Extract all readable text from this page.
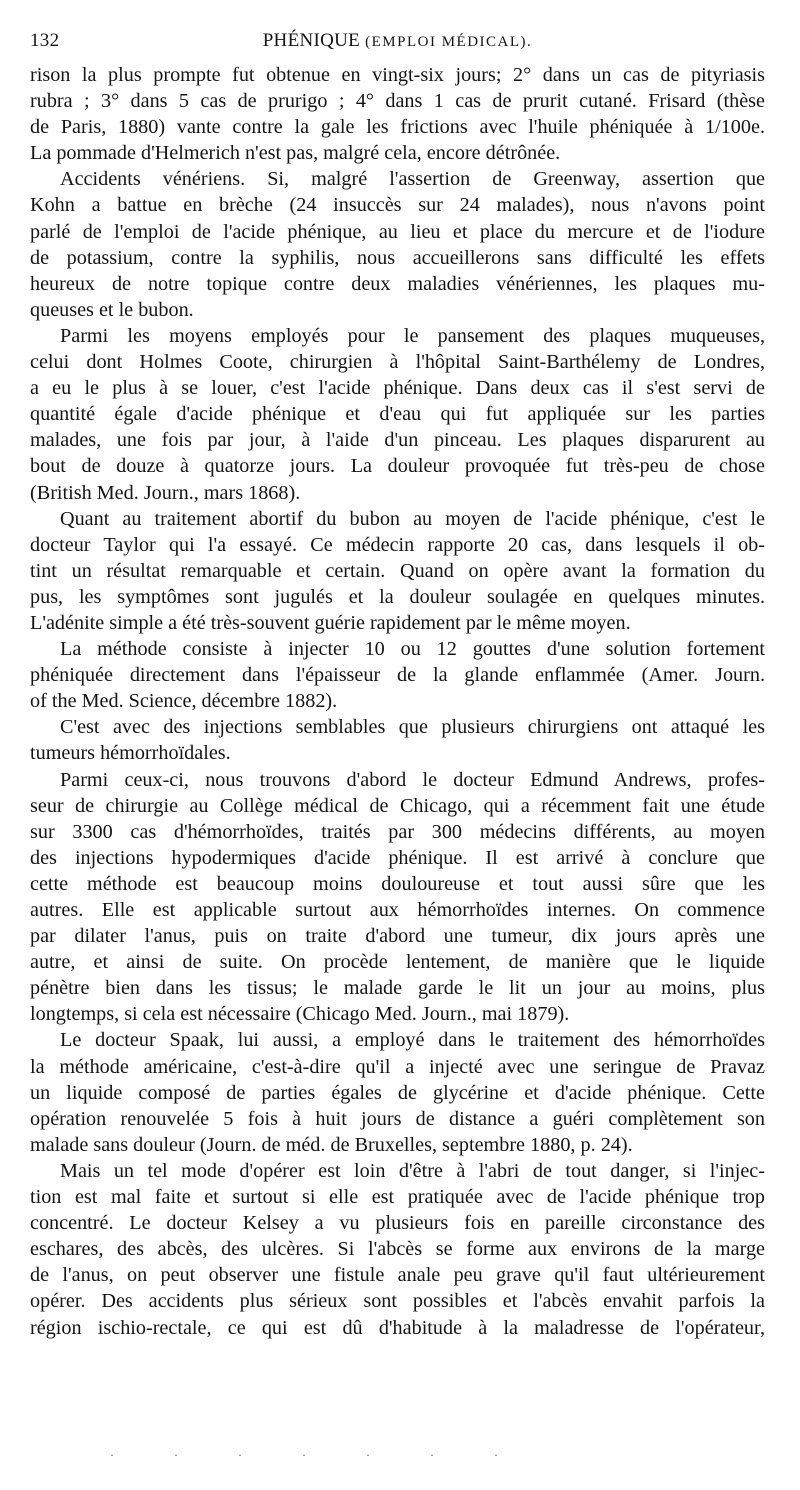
132	PHÉNIQUE (EMPLOI MÉDICAL).
rison la plus prompte fut obtenue en vingt-six jours; 2° dans un cas de pityriasis
rubra ; 3° dans 5 cas de prurigo ; 4° dans 1 cas de prurit cutané. Frisard (thèse
de Paris, 1880) vante contre la gale les frictions avec l'huile phéniquée à 1/100e.
La pommade d'Helmerich n'est pas, malgré cela, encore détrônée.
Accidents vénériens. Si, malgré l'assertion de Greenway, assertion que
Kohn a battue en brèche (24 insuccès sur 24 malades), nous n'avons point
parlé de l'emploi de l'acide phénique, au lieu et place du mercure et de l'iodure
de potassium, contre la syphilis, nous accueillerons sans difficulté les effets
heureux de notre topique contre deux maladies vénériennes, les plaques mu-
queuses et le bubon.
Parmi les moyens employés pour le pansement des plaques muqueuses,
celui dont Holmes Coote, chirurgien à l'hôpital Saint-Barthélemy de Londres,
a eu le plus à se louer, c'est l'acide phénique. Dans deux cas il s'est servi de
quantité égale d'acide phénique et d'eau qui fut appliquée sur les parties
malades, une fois par jour, à l'aide d'un pinceau. Les plaques disparurent au
bout de douze à quatorze jours. La douleur provoquée fut très-peu de chose
(British Med. Journ., mars 1868).
Quant au traitement abortif du bubon au moyen de l'acide phénique, c'est le
docteur Taylor qui l'a essayé. Ce médecin rapporte 20 cas, dans lesquels il ob-
tint un résultat remarquable et certain. Quand on opère avant la formation du
pus, les symptômes sont jugulés et la douleur soulagée en quelques minutes.
L'adénite simple a été très-souvent guérie rapidement par le même moyen.
La méthode consiste à injecter 10 ou 12 gouttes d'une solution fortement
phéniquée directement dans l'épaisseur de la glande enflammée (Amer. Journ.
of the Med. Science, décembre 1882).
C'est avec des injections semblables que plusieurs chirurgiens ont attaqué les
tumeurs hémorrhoïdales.
Parmi ceux-ci, nous trouvons d'abord le docteur Edmund Andrews, profes-
seur de chirurgie au Collège médical de Chicago, qui a récemment fait une étude
sur 3300 cas d'hémorrhoïdes, traités par 300 médecins différents, au moyen
des injections hypodermiques d'acide phénique. Il est arrivé à conclure que
cette méthode est beaucoup moins douloureuse et tout aussi sûre que les
autres. Elle est applicable surtout aux hémorrhoïdes internes. On commence
par dilater l'anus, puis on traite d'abord une tumeur, dix jours après une
autre, et ainsi de suite. On procède lentement, de manière que le liquide
pénètre bien dans les tissus; le malade garde le lit un jour au moins, plus
longtemps, si cela est nécessaire (Chicago Med. Journ., mai 1879).
Le docteur Spaak, lui aussi, a employé dans le traitement des hémorrhoïdes
la méthode américaine, c'est-à-dire qu'il a injecté avec une seringue de Pravaz
un liquide composé de parties égales de glycérine et d'acide phénique. Cette
opération renouvelée 5 fois à huit jours de distance a guéri complètement son
malade sans douleur (Journ. de méd. de Bruxelles, septembre 1880, p. 24).
Mais un tel mode d'opérer est loin d'être à l'abri de tout danger, si l'injec-
tion est mal faite et surtout si elle est pratiquée avec de l'acide phénique trop
concentré. Le docteur Kelsey a vu plusieurs fois en pareille circonstance des
eschares, des abcès, des ulcères. Si l'abcès se forme aux environs de la marge
de l'anus, on peut observer une fistule anale peu grave qu'il faut ultérieurement
opérer. Des accidents plus sérieux sont possibles et l'abcès envahit parfois la
région ischio-rectale, ce qui est dû d'habitude à la maladresse de l'opérateur,
·······
